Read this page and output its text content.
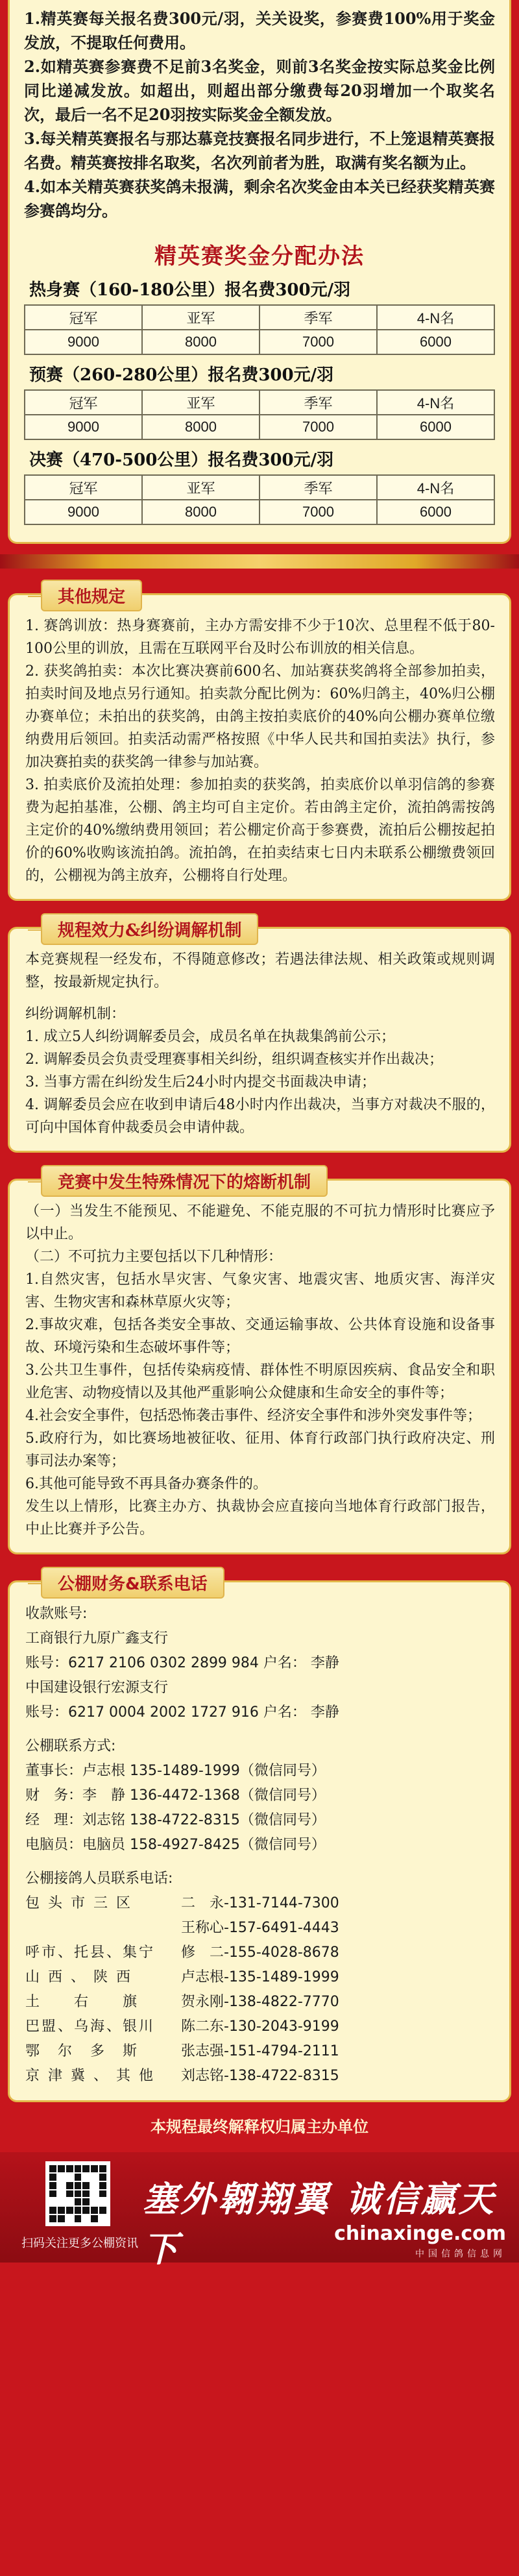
1.精英赛每关报名费300元/羽，关关设奖，参赛费100%用于奖金发放，不提取任何费用。

2.如精英赛参赛费不足前3名奖金，则前3名奖金按实际总奖金比例同比递减发放。如超出，则超出部分缴费每20羽增加一个取奖名次，最后一名不足20羽按实际奖金全额发放。

3.每关精英赛报名与那达慕竞技赛报名同步进行，不上笼退精英赛报名费。精英赛按排名取奖，名次列前者为胜，取满有奖名额为止。

4.如本关精英赛获奖鸽未报满，剩余名次奖金由本关已经获奖精英赛参赛鸽均分。

精英赛奖金分配办法
热身赛（160-180公里）报名费300元/羽
冠军	亚军	季军	4-N名
9000	8000	7000	6000
预赛（260-280公里）报名费300元/羽
冠军	亚军	季军	4-N名
9000	8000	7000	6000
决赛（470-500公里）报名费300元/羽
冠军	亚军	季军	4-N名
9000	8000	7000	6000
其他规定

1. 赛鸽训放：热身赛赛前，主办方需安排不少于10次、总里程不低于80-100公里的训放，且需在互联网平台及时公布训放的相关信息。

2. 获奖鸽拍卖：本次比赛决赛前600名、加站赛获奖鸽将全部参加拍卖，拍卖时间及地点另行通知。拍卖款分配比例为：60%归鸽主，40%归公棚办赛单位；未拍出的获奖鸽，由鸽主按拍卖底价的40%向公棚办赛单位缴纳费用后领回。拍卖活动需严格按照《中华人民共和国拍卖法》执行，参加决赛拍卖的获奖鸽一律参与加站赛。

3. 拍卖底价及流拍处理：参加拍卖的获奖鸽，拍卖底价以单羽信鸽的参赛费为起拍基准，公棚、鸽主均可自主定价。若由鸽主定价，流拍鸽需按鸽主定价的40%缴纳费用领回；若公棚定价高于参赛费，流拍后公棚按起拍价的60%收购该流拍鸽。流拍鸽，在拍卖结束七日内未联系公棚缴费领回的，公棚视为鸽主放弃，公棚将自行处理。

规程效力&纠纷调解机制

本竞赛规程一经发布，不得随意修改；若遇法律法规、相关政策或规则调整，按最新规定执行。

纠纷调解机制：

1. 成立5人纠纷调解委员会，成员名单在执裁集鸽前公示；

2. 调解委员会负责受理赛事相关纠纷，组织调查核实并作出裁决；

3. 当事方需在纠纷发生后24小时内提交书面裁决申请；

4. 调解委员会应在收到申请后48小时内作出裁决，当事方对裁决不服的，可向中国体育仲裁委员会申请仲裁。

竞赛中发生特殊情况下的熔断机制

（一）当发生不能预见、不能避免、不能克服的不可抗力情形时比赛应予以中止。

（二）不可抗力主要包括以下几种情形：

1.自然灾害，包括水旱灾害、气象灾害、地震灾害、地质灾害、海洋灾害、生物灾害和森林草原火灾等；

2.事故灾难，包括各类安全事故、交通运输事故、公共体育设施和设备事故、环境污染和生态破坏事件等；

3.公共卫生事件，包括传染病疫情、群体性不明原因疾病、食品安全和职业危害、动物疫情以及其他严重影响公众健康和生命安全的事件等；

4.社会安全事件，包括恐怖袭击事件、经济安全事件和涉外突发事件等；

5.政府行为，如比赛场地被征收、征用、体育行政部门执行政府决定、刑事司法办案等；

6.其他可能导致不再具备办赛条件的。

发生以上情形，比赛主办方、执裁协会应直接向当地体育行政部门报告，中止比赛并予公告。

公棚财务&联系电话

收款账号:

工商银行九原广鑫支行

账号：6217 2106 0302 2899 984 户名： 李静

中国建设银行宏源支行

账号：6217 0004 2002 1727 916 户名： 李静

公棚联系方式:

董事长：卢志根 135-1489-1999（微信同号）

财　务：李　静 136-4472-1368（微信同号）

经　理：刘志铭 138-4722-8315（微信同号）

电脑员：电脑员 158-4927-8425（微信同号）

公棚接鸽人员联系电话:

包 头 市 三 区	二　永-131-7144-7300
王称心-157-6491-4443
呼市、托县、集宁	修　二-155-4028-8678
山 西 、 陕 西	卢志根-135-1489-1999
土　　右　　旗	贺永刚-138-4822-7770
巴盟、乌海、银川	陈二东-130-2043-9199
鄂　尔　多　斯	张志强-151-4794-2111
京 津 冀 、 其 他	刘志铭-138-4722-8315
本规程最终解释权归属主办单位
扫码关注更多公棚资讯
塞外翱翔翼 诚信赢天下	chinaxinge.com
中国信鸽信息网
